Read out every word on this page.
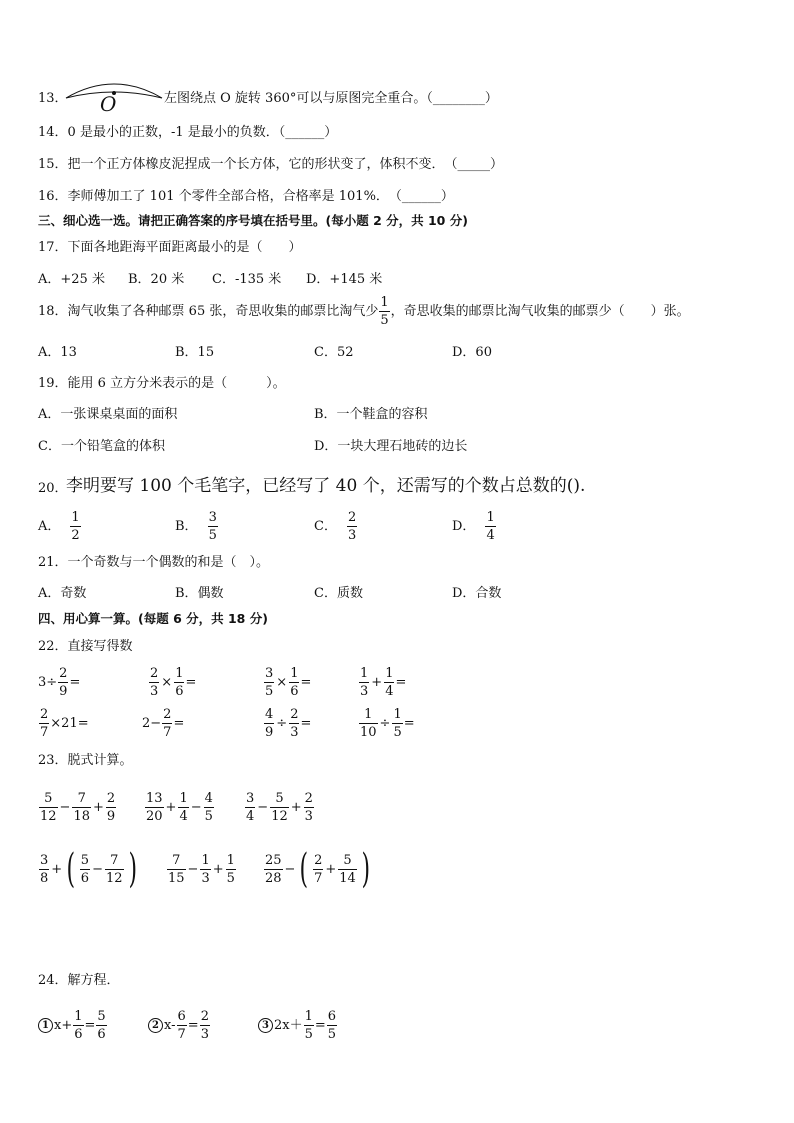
13． O	左图绕点 O 旋转 360°可以与原图完全重合。（________）
14．0 是最小的正数，-1 是最小的负数．（______）
15．把一个正方体橡皮泥捏成一个长方体，它的形状变了，体积不变．　（_____）
16．李师傅加工了 101 个零件全部合格，合格率是 101%．　（______）
三、细心选一选。请把正确答案的序号填在括号里。(每小题 2 分，共 10 分)
17．下面各地距海平面距离最小的是（　　）
A．+25 米 B．20 米 C．-135 米 D．+145 米
18．淘气收集了各种邮票 65 张，奇思收集的邮票比淘气少 $\frac{1}{5}$ ，奇思收集的邮票比淘气收集的邮票少（　　）张。
A．13	B．15	C．52	D．60
19．能用 6 立方分米表示的是（　　　）。
A．一张课桌桌面的面积	B．一个鞋盒的容积
C．一个铅笔盒的体积	D．一块大理石地砖的边长
20．
李明要写 100 个毛笔字，已经写了 40 个，还需写的个数占总数的().
A． $\frac{1}{2}$	B． $\frac{3}{5}$	C． $\frac{2}{3}$	D． $\frac{1}{4}$
21．一个奇数与一个偶数的和是（　）。
A．奇数	B．偶数	C．质数	D．合数
四、用心算一算。(每题 6 分，共 18 分)
22．直接写得数
$3\div \frac{2}{9}$ =	$\frac{2}{3} \times \frac{1}{6}$ =	$\frac{3}{5} \times \frac{1}{6}$ =	$\frac{1}{3} + \frac{1}{4}$ =
$\frac{2}{7} \times 21=$	$2- \frac{2}{7}$ =	$\frac{4}{9} \div \frac{2}{3}$ =	$\frac{1}{10} \div \frac{1}{5}$ =
23．脱式计算。
$\frac{5}{12} - \frac{7}{18} + \frac{2}{9} \frac{13}{20} + \frac{1}{4} - \frac{4}{5} \frac{3}{4} - \frac{5}{12} + \frac{2}{3}$
$\frac{3}{8}$ + ( $\frac{5}{6} - \frac{7}{12}$ ) $\frac{7}{15} - \frac{1}{3} + \frac{1}{5} \frac{25}{28}$ − ( $\frac{2}{7} + \frac{5}{14}$ )
24．解方程．
1 $x+ \frac{1}{6} = \frac{5}{6}$	2 $x- \frac{6}{7} = \frac{2}{3}$	3 $2x+ \frac{1}{5} = \frac{6}{5}$
